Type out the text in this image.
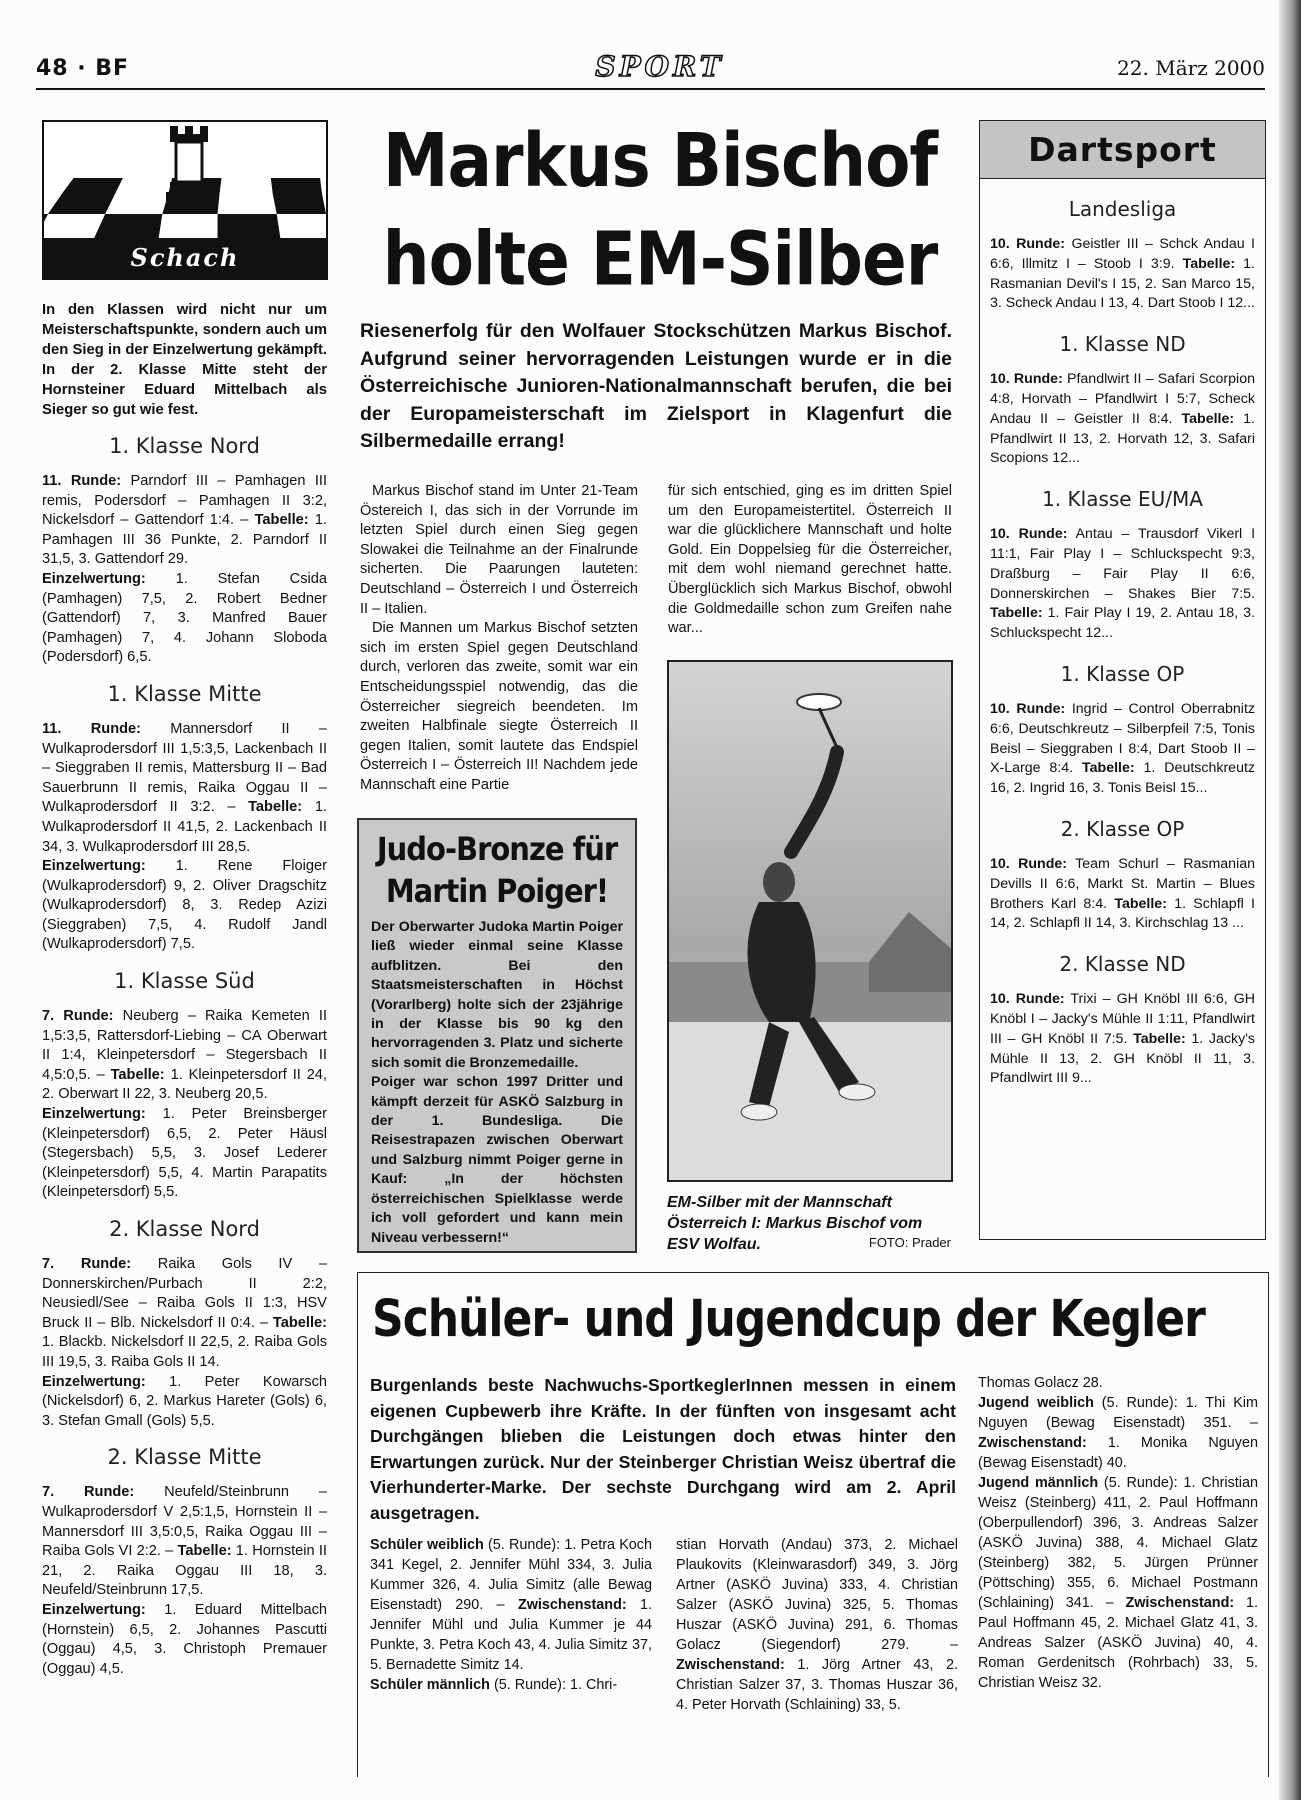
48 · BF	SPORT	22. März 2000
Schach
In den Klassen wird nicht nur um Meisterschaftspunkte, sondern auch um den Sieg in der Einzelwertung gekämpft. In der 2. Klasse Mitte steht der Hornsteiner Eduard Mittelbach als Sieger so gut wie fest.
1. Klasse Nord
11. Runde: Parndorf III – Pamhagen III remis, Podersdorf – Pamhagen II 3:2, Nickelsdorf – Gattendorf 1:4. – Tabelle: 1. Pamhagen III 36 Punkte, 2. Parndorf II 31,5, 3. Gattendorf 29.
Einzelwertung: 1. Stefan Csida (Pamhagen) 7,5, 2. Robert Bedner (Gattendorf) 7, 3. Manfred Bauer (Pamhagen) 7, 4. Johann Sloboda (Podersdorf) 6,5.
1. Klasse Mitte
11. Runde: Mannersdorf II – Wulkaprodersdorf III 1,5:3,5, Lackenbach II – Sieggraben II remis, Mattersburg II – Bad Sauerbrunn II remis, Raika Oggau II – Wulkaprodersdorf II 3:2. – Tabelle: 1. Wulkaprodersdorf II 41,5, 2. Lackenbach II 34, 3. Wulkaprodersdorf III 28,5.
Einzelwertung: 1. Rene Floiger (Wulkaprodersdorf) 9, 2. Oliver Dragschitz (Wulkaprodersdorf) 8, 3. Redep Azizi (Sieggraben) 7,5, 4. Rudolf Jandl (Wulkaprodersdorf) 7,5.
1. Klasse Süd
7. Runde: Neuberg – Raika Kemeten II 1,5:3,5, Rattersdorf-Liebing – CA Oberwart II 1:4, Kleinpetersdorf – Stegersbach II 4,5:0,5. – Tabelle: 1. Kleinpetersdorf II 24, 2. Oberwart II 22, 3. Neuberg 20,5.
Einzelwertung: 1. Peter Breinsberger (Kleinpetersdorf) 6,5, 2. Peter Häusl (Stegersbach) 5,5, 3. Josef Lederer (Kleinpetersdorf) 5,5, 4. Martin Parapatits (Kleinpetersdorf) 5,5.
2. Klasse Nord
7. Runde: Raika Gols IV – Donnerskirchen/Purbach II 2:2, Neusiedl/See – Raiba Gols II 1:3, HSV Bruck II – Blb. Nickelsdorf II 0:4. – Tabelle: 1. Blackb. Nickelsdorf II 22,5, 2. Raiba Gols III 19,5, 3. Raiba Gols II 14.
Einzelwertung: 1. Peter Kowarsch (Nickelsdorf) 6, 2. Markus Hareter (Gols) 6, 3. Stefan Gmall (Gols) 5,5.
2. Klasse Mitte
7. Runde: Neufeld/Steinbrunn – Wulkaprodersdorf V 2,5:1,5, Hornstein II – Mannersdorf III 3,5:0,5, Raika Oggau III – Raiba Gols VI 2:2. – Tabelle: 1. Hornstein II 21, 2. Raika Oggau III 18, 3. Neufeld/Steinbrunn 17,5.
Einzelwertung: 1. Eduard Mittelbach (Hornstein) 6,5, 2. Johannes Pascutti (Oggau) 4,5, 3. Christoph Premauer (Oggau) 4,5.
Markus Bischof
holte EM-Silber
Riesenerfolg für den Wolfauer Stockschützen Markus Bischof. Aufgrund seiner hervorragenden Leistungen wurde er in die Österreichische Junioren-Nationalmannschaft berufen, die bei der Europameisterschaft im Zielsport in Klagenfurt die Silbermedaille errang!
Markus Bischof stand im Unter 21-Team Östereich I, das sich in der Vorrunde im letzten Spiel durch einen Sieg gegen Slowakei die Teilnahme an der Finalrunde sicherten. Die Paarungen lauteten: Deutschland – Österreich I und Österreich II – Italien.
Die Mannen um Markus Bischof setzten sich im ersten Spiel gegen Deutschland durch, verloren das zweite, somit war ein Entscheidungsspiel notwendig, das die Österreicher siegreich beendeten. Im zweiten Halbfinale siegte Österreich II gegen Italien, somit lautete das Endspiel Österreich I – Österreich II! Nachdem jede Mannschaft eine Partie
für sich entschied, ging es im dritten Spiel um den Europameistertitel. Österreich II war die glücklichere Mannschaft und holte Gold. Ein Doppelsieg für die Österreicher, mit dem wohl niemand gerechnet hatte. Überglücklich sich Markus Bischof, obwohl die Goldmedaille schon zum Greifen nahe war...
EM-Silber mit der Mannschaft Österreich I: Markus Bischof vom ESV Wolfau.	FOTO: Prader
Judo-Bronze für
Martin Poiger!
Der Oberwarter Judoka Martin Poiger ließ wieder einmal seine Klasse aufblitzen. Bei den Staatsmeisterschaften in Höchst (Vorarlberg) holte sich der 23jährige in der Klasse bis 90 kg den hervorragenden 3. Platz und sicherte sich somit die Bronzemedaille.
Poiger war schon 1997 Dritter und kämpft derzeit für ASKÖ Salzburg in der 1. Bundesliga. Die Reisestrapazen zwischen Oberwart und Salzburg nimmt Poiger gerne in Kauf: „In der höchsten österreichischen Spielklasse werde ich voll gefordert und kann mein Niveau verbessern!“
Dartsport
Landesliga
10. Runde: Geistler III – Schck Andau I 6:6, Illmitz I – Stoob I 3:9. Tabelle: 1. Rasmanian Devil's I 15, 2. San Marco 15, 3. Scheck Andau I 13, 4. Dart Stoob I 12...
1. Klasse ND
10. Runde: Pfandlwirt II – Safari Scorpion 4:8, Horvath – Pfandlwirt I 5:7, Scheck Andau II – Geistler II 8:4. Tabelle: 1. Pfandlwirt II 13, 2. Horvath 12, 3. Safari Scopions 12...
1. Klasse EU/MA
10. Runde: Antau – Trausdorf Vikerl I 11:1, Fair Play I – Schluckspecht 9:3, Draßburg – Fair Play II 6:6, Donnerskirchen – Shakes Bier 7:5. Tabelle: 1. Fair Play I 19, 2. Antau 18, 3. Schluckspecht 12...
1. Klasse OP
10. Runde: Ingrid – Control Oberrabnitz 6:6, Deutschkreutz – Silberpfeil 7:5, Tonis Beisl – Sieggraben I 8:4, Dart Stoob II – X-Large 8:4. Tabelle: 1. Deutschkreutz 16, 2. Ingrid 16, 3. Tonis Beisl 15...
2. Klasse OP
10. Runde: Team Schurl – Rasmanian Devills II 6:6, Markt St. Martin – Blues Brothers Karl 8:4. Tabelle: 1. Schlapfl I 14, 2. Schlapfl II 14, 3. Kirchschlag 13 ...
2. Klasse ND
10. Runde: Trixi – GH Knöbl III 6:6, GH Knöbl I – Jacky's Mühle II 1:11, Pfandlwirt III – GH Knöbl II 7:5. Tabelle: 1. Jacky's Mühle II 13, 2. GH Knöbl II 11, 3. Pfandlwirt III 9...
Schüler- und Jugendcup der Kegler
Burgenlands beste Nachwuchs-SportkeglerInnen messen in einem eigenen Cupbewerb ihre Kräfte. In der fünften von insgesamt acht Durchgängen blieben die Leistungen doch etwas hinter den Erwartungen zurück. Nur der Steinberger Christian Weisz übertraf die Vierhunderter-Marke. Der sechste Durchgang wird am 2. April ausgetragen.
Schüler weiblich (5. Runde): 1. Petra Koch 341 Kegel, 2. Jennifer Mühl 334, 3. Julia Kummer 326, 4. Julia Simitz (alle Bewag Eisenstadt) 290. – Zwischenstand: 1. Jennifer Mühl und Julia Kummer je 44 Punkte, 3. Petra Koch 43, 4. Julia Simitz 37, 5. Bernadette Simitz 14.
Schüler männlich (5. Runde): 1. Chri-
stian Horvath (Andau) 373, 2. Michael Plaukovits (Kleinwarasdorf) 349, 3. Jörg Artner (ASKÖ Juvina) 333, 4. Christian Salzer (ASKÖ Juvina) 325, 5. Thomas Huszar (ASKÖ Juvina) 291, 6. Thomas Golacz (Siegendorf) 279. – Zwischenstand: 1. Jörg Artner 43, 2. Christian Salzer 37, 3. Thomas Huszar 36, 4. Peter Horvath (Schlaining) 33, 5.
Thomas Golacz 28.
Jugend weiblich (5. Runde): 1. Thi Kim Nguyen (Bewag Eisenstadt) 351. – Zwischenstand: 1. Monika Nguyen (Bewag Eisenstadt) 40.
Jugend männlich (5. Runde): 1. Christian Weisz (Steinberg) 411, 2. Paul Hoffmann (Oberpullendorf) 396, 3. Andreas Salzer (ASKÖ Juvina) 388, 4. Michael Glatz (Steinberg) 382, 5. Jürgen Prünner (Pöttsching) 355, 6. Michael Postmann (Schlaining) 341. – Zwischenstand: 1. Paul Hoffmann 45, 2. Michael Glatz 41, 3. Andreas Salzer (ASKÖ Juvina) 40, 4. Roman Gerdenitsch (Rohrbach) 33, 5. Christian Weisz 32.
